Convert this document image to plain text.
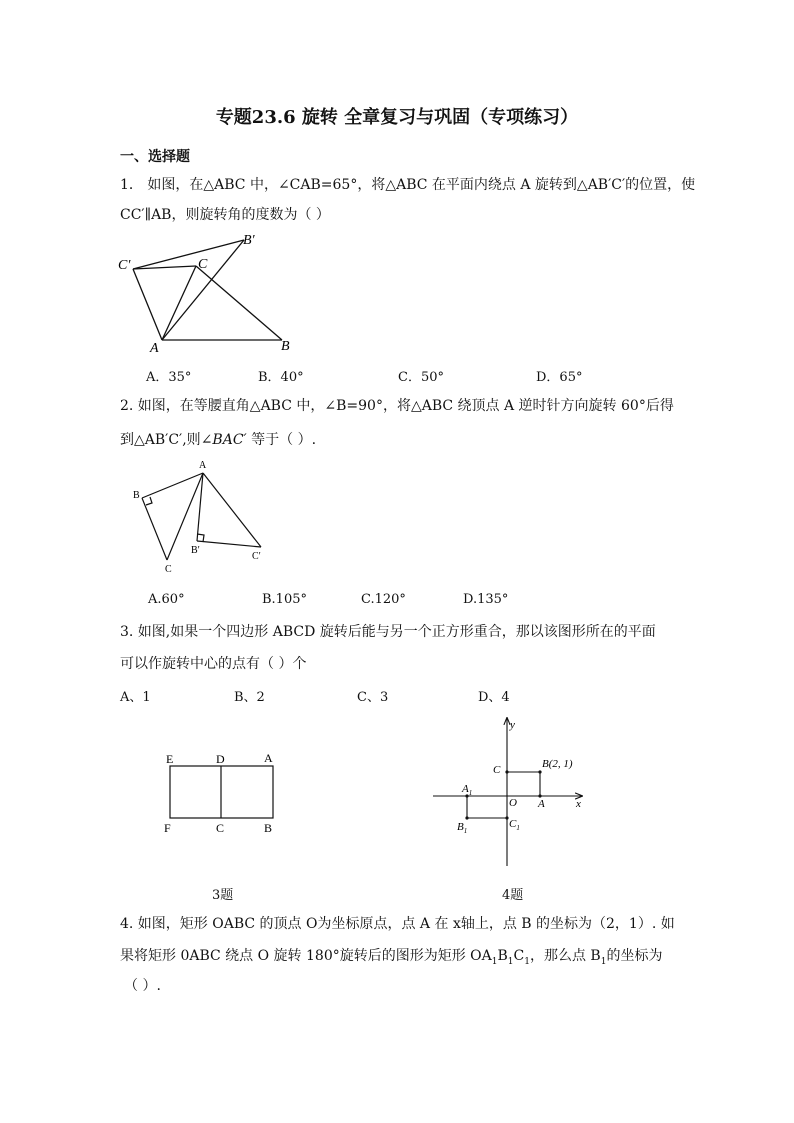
专题23.6 旋转 全章复习与巩固（专项练习）
一、选择题
1． 如图，在△ABC 中，∠CAB=65°，将△ABC 在平面内绕点 A 旋转到△AB′C′的位置，使
CC′∥AB，则旋转角的度数为（ ）
C′	C
B′
A	B
A．35°	B．40°	C．50°	D．65°
2. 如图，在等腰直角△ABC 中，∠B=90°，将△ABC 绕顶点 A 逆时针方向旋转 60°后得
到△AB′C′,则∠BAC′ 等于（ ）.
A
B
C
B′
C′
A.60°	B.105°	C.120°	D.135°
3. 如图,如果一个四边形 ABCD 旋转后能与另一个正方形重合，那以该图形所在的平面
可以作旋转中心的点有（ ）个
A、1	B、2	C、3	D、4
E	D	A
F	C	B
y
x
C	B(2, 1)
O A
$A_1$
$B_1$
$C_1$
3题	4题
4. 如图，矩形 OABC 的顶点 O为坐标原点，点 A 在 x轴上，点 B 的坐标为（2，1）. 如
果将矩形 0ABC 绕点 O 旋转 180°旋转后的图形为矩形 $OA_1B_1C_1$，那么点 $B_1$的坐标为
（ ）.
